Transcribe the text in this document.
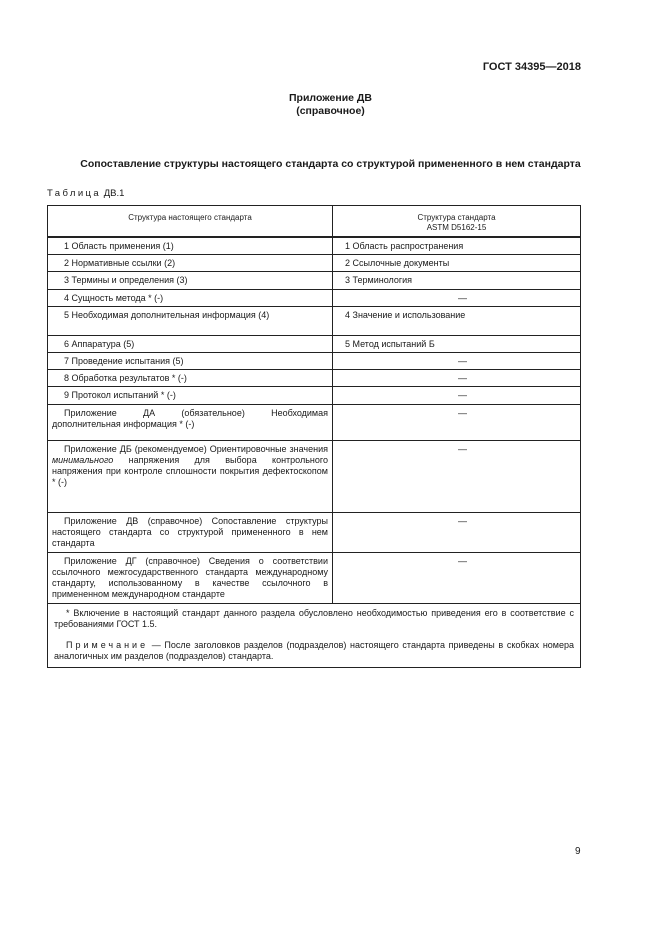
ГОСТ 34395—2018
Приложение ДВ
(справочное)
Сопоставление структуры настоящего стандарта со структурой примененного в нем стандарта
Таблица ДВ.1
Структура настоящего стандарта	Структура стандарта
ASTM D5162-15
1 Область применения (1)	1 Область распространения
2 Нормативные ссылки (2)	2 Ссылочные документы
3 Термины и определения (3)	3 Терминология
4 Сущность метода * (-)	—
5 Необходимая дополнительная информация (4)	4 Значение и использование
6 Аппаратура (5)	5 Метод испытаний Б
7 Проведение испытания (5)	—
8 Обработка результатов * (-)	—
9 Протокол испытаний * (-)	—

Приложение ДА (обязательное) Необходимая
дополнительная информация * (-)	—

Приложение ДБ (рекомендуемое) Ориентировочные значения минимального напряжения для выбора контрольного напряжения при контроле сплошности покрытия дефектоскопом * (-)	—

Приложение ДВ (справочное) Сопоставление структуры настоящего стандарта со структурой примененного в нем стандарта	—

Приложение ДГ (справочное) Сведения о соответствии ссылочного межгосударственного стандарта международному стандарту, использованному в качестве ссылочного в примененном международном стандарте	—

* Включение в настоящий стандарт данного раздела обусловлено необходимостью приведения его в соответствие с требованиями ГОСТ 1.5.

Примечание — После заголовков разделов (подразделов) настоящего стандарта приведены в скобках номера аналогичных им разделов (подразделов) стандарта.	

9
